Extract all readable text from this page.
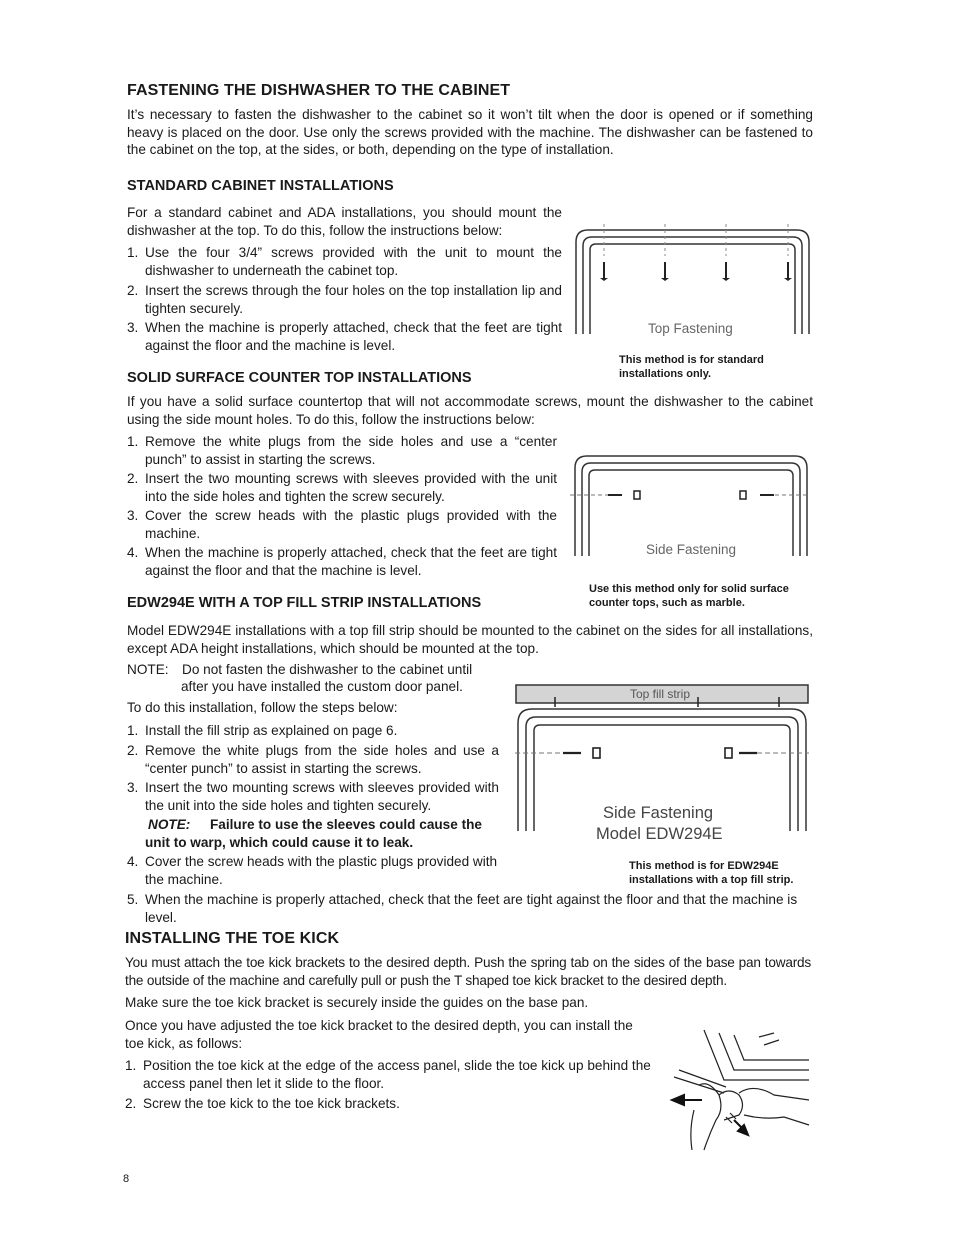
FASTENING THE DISHWASHER TO THE CABINET
It’s necessary to fasten the dishwasher to the cabinet so it won’t tilt when the door is opened or if something heavy is placed on the door. Use only the screws provided with the machine. The dishwasher can be fastened to the cabinet on the top, at the sides, or both, depending on the type of installation.
STANDARD CABINET INSTALLATIONS
For a standard cabinet and ADA installations, you should mount the dishwasher at the top. To do this, follow the instructions below:
1. Use the four 3/4” screws provided with the unit to mount the dishwasher to underneath the cabinet top.
2. Insert the screws through the four holes on the top installation lip and tighten securely.
3. When the machine is properly attached, check that the feet are tight against the floor and the machine is level.
Top Fastening
This method is for standard
installations only.
SOLID SURFACE COUNTER TOP INSTALLATIONS
If you have a solid surface countertop that will not accommodate screws, mount the dishwasher to the cabinet using the side mount holes. To do this, follow the instructions below:
1. Remove the white plugs from the side holes and use a “center punch” to assist in starting the screws.
2. Insert the two mounting screws with sleeves provided with the unit into the side holes and tighten the screw securely.
3. Cover the screw heads with the plastic plugs provided with the machine.
4. When the machine is properly attached, check that the feet are tight against the floor and that the machine is level.
Side Fastening
Use this method only for solid surface
counter tops, such as marble.
EDW294E WITH A TOP FILL STRIP INSTALLATIONS
Model EDW294E installations with a top fill strip should be mounted to the cabinet on the sides for all installations, except ADA height installations, which should be mounted at the top.
NOTE: Do not fasten the dishwasher to the cabinet until
after you have installed the custom door panel.
To do this installation, follow the steps below:
1. Install the fill strip as explained on page 6.
2. Remove the white plugs from the side holes and use a “center punch” to assist in starting the screws.
3. Insert the two mounting screws with sleeves provided with the unit into the side holes and tighten securely.
NOTE: Failure to use the sleeves could cause the
unit to warp, which could cause it to leak.
4. Cover the screw heads with the plastic plugs provided with the machine.
5. When the machine is properly attached, check that the feet are tight against the floor and that the machine is level.
Top fill strip
Side Fastening
Model EDW294E
This method is for EDW294E
installations with a top fill strip.
INSTALLING THE TOE KICK
You must attach the toe kick brackets to the desired depth. Push the spring tab on the sides of the base pan towards the outside of the machine and carefully pull or push the T shaped toe kick bracket to the desired depth.
Make sure the toe kick bracket is securely inside the guides on the base pan.
Once you have adjusted the toe kick bracket to the desired depth, you can install the toe kick, as follows:
1. Position the toe kick at the edge of the access panel, slide the toe kick up behind the access panel then let it slide to the floor.
2. Screw the toe kick to the toe kick brackets.
8
